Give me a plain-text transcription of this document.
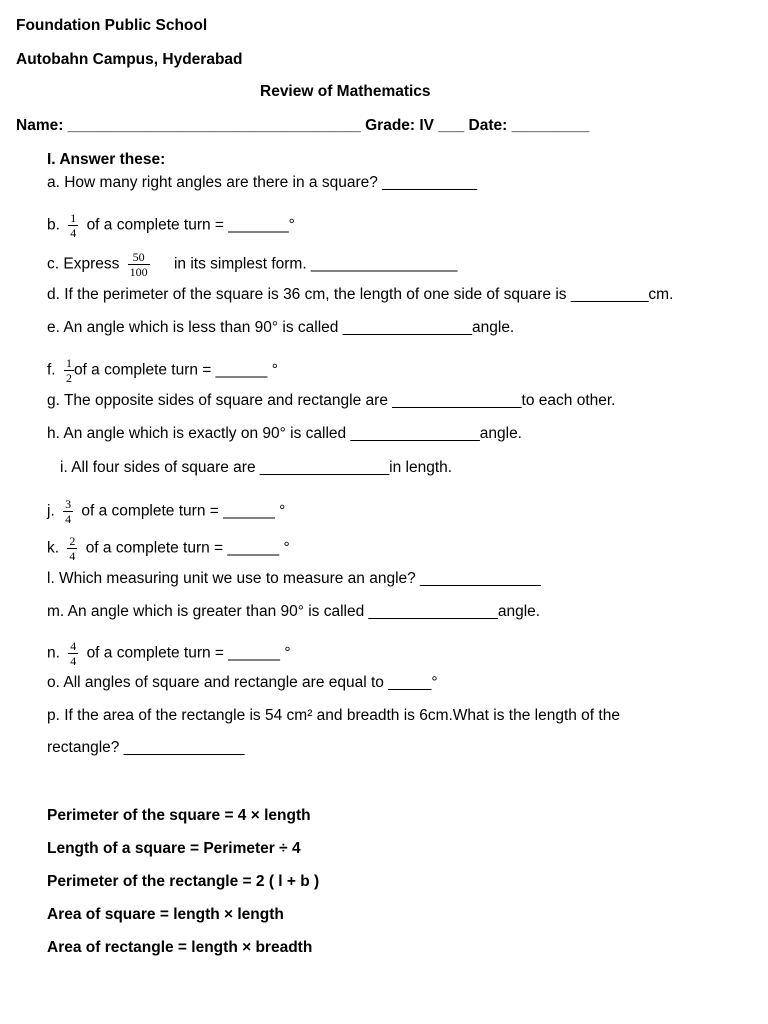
Foundation Public School
Autobahn Campus, Hyderabad
Review of Mathematics
Name: __________________________________ Grade: IV ___ Date: _________
I. Answer these:
a. How many right angles are there in a square? ___________
b. $\frac{1}{4}$ of a complete turn = _______°
c. Express $\frac{50}{100}$ in its simplest form. _________________
d. If the perimeter of the square is 36 cm, the length of one side of square is _________cm.
e. An angle which is less than 90° is called _______________angle.
f. $\frac{1}{2}$ of a complete turn = ______ °
g. The opposite sides of square and rectangle are _______________to each other.
h. An angle which is exactly on 90° is called _______________angle.
i. All four sides of square are _______________in length.
j. $\frac{3}{4}$ of a complete turn = ______ °
k. $\frac{2}{4}$ of a complete turn = ______ °
l. Which measuring unit we use to measure an angle? ______________
m. An angle which is greater than 90° is called _______________angle.
n. $\frac{4}{4}$ of a complete turn = ______ °
o. All angles of square and rectangle are equal to _____°
p. If the area of the rectangle is 54 cm² and breadth is 6cm.What is the length of the
rectangle? ______________
Perimeter of the square = 4 × length
Length of a square = Perimeter ÷ 4
Perimeter of the rectangle = 2 ( l + b )
Area of square = length × length
Area of rectangle = length × breadth
